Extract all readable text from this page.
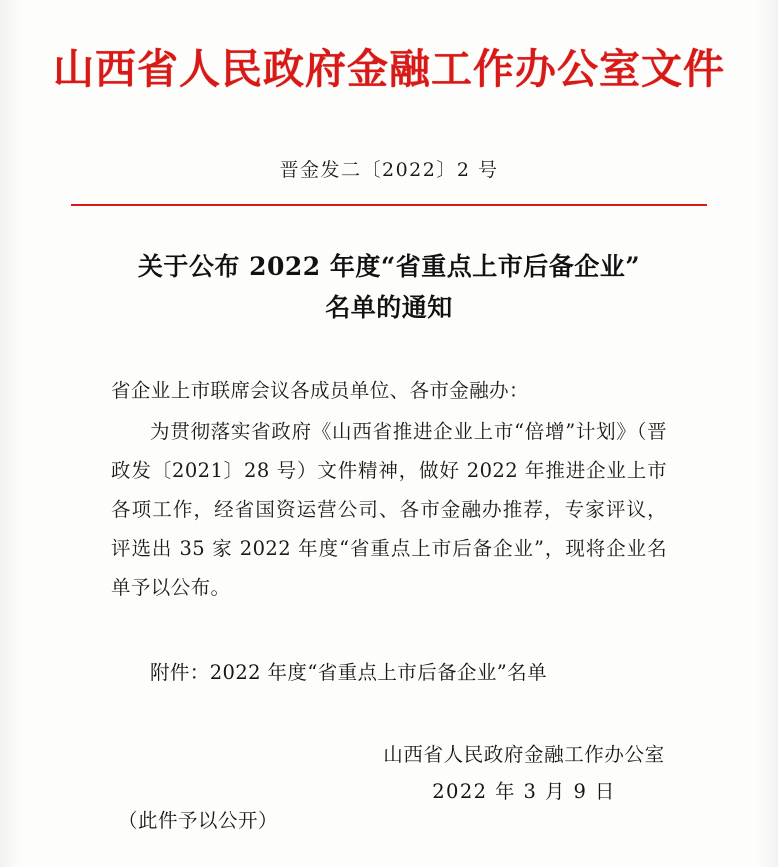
山西省人民政府金融工作办公室文件
晋金发二〔2022〕2 号
关于公布 2022 年度“省重点上市后备企业”
名单的通知

省企业上市联席会议各成员单位、各市金融办：

为贯彻落实省政府《山西省推进企业上市“倍增”计划》（晋政发〔2021〕28 号）文件精神，做好 2022 年推进企业上市各项工作，经省国资运营公司、各市金融办推荐，专家评议，评选出 35 家 2022 年度“省重点上市后备企业”，现将企业名单予以公布。

附件：2022 年度“省重点上市后备企业”名单
山西省人民政府金融工作办公室
2022 年 3 月 9 日
（此件予以公开）
